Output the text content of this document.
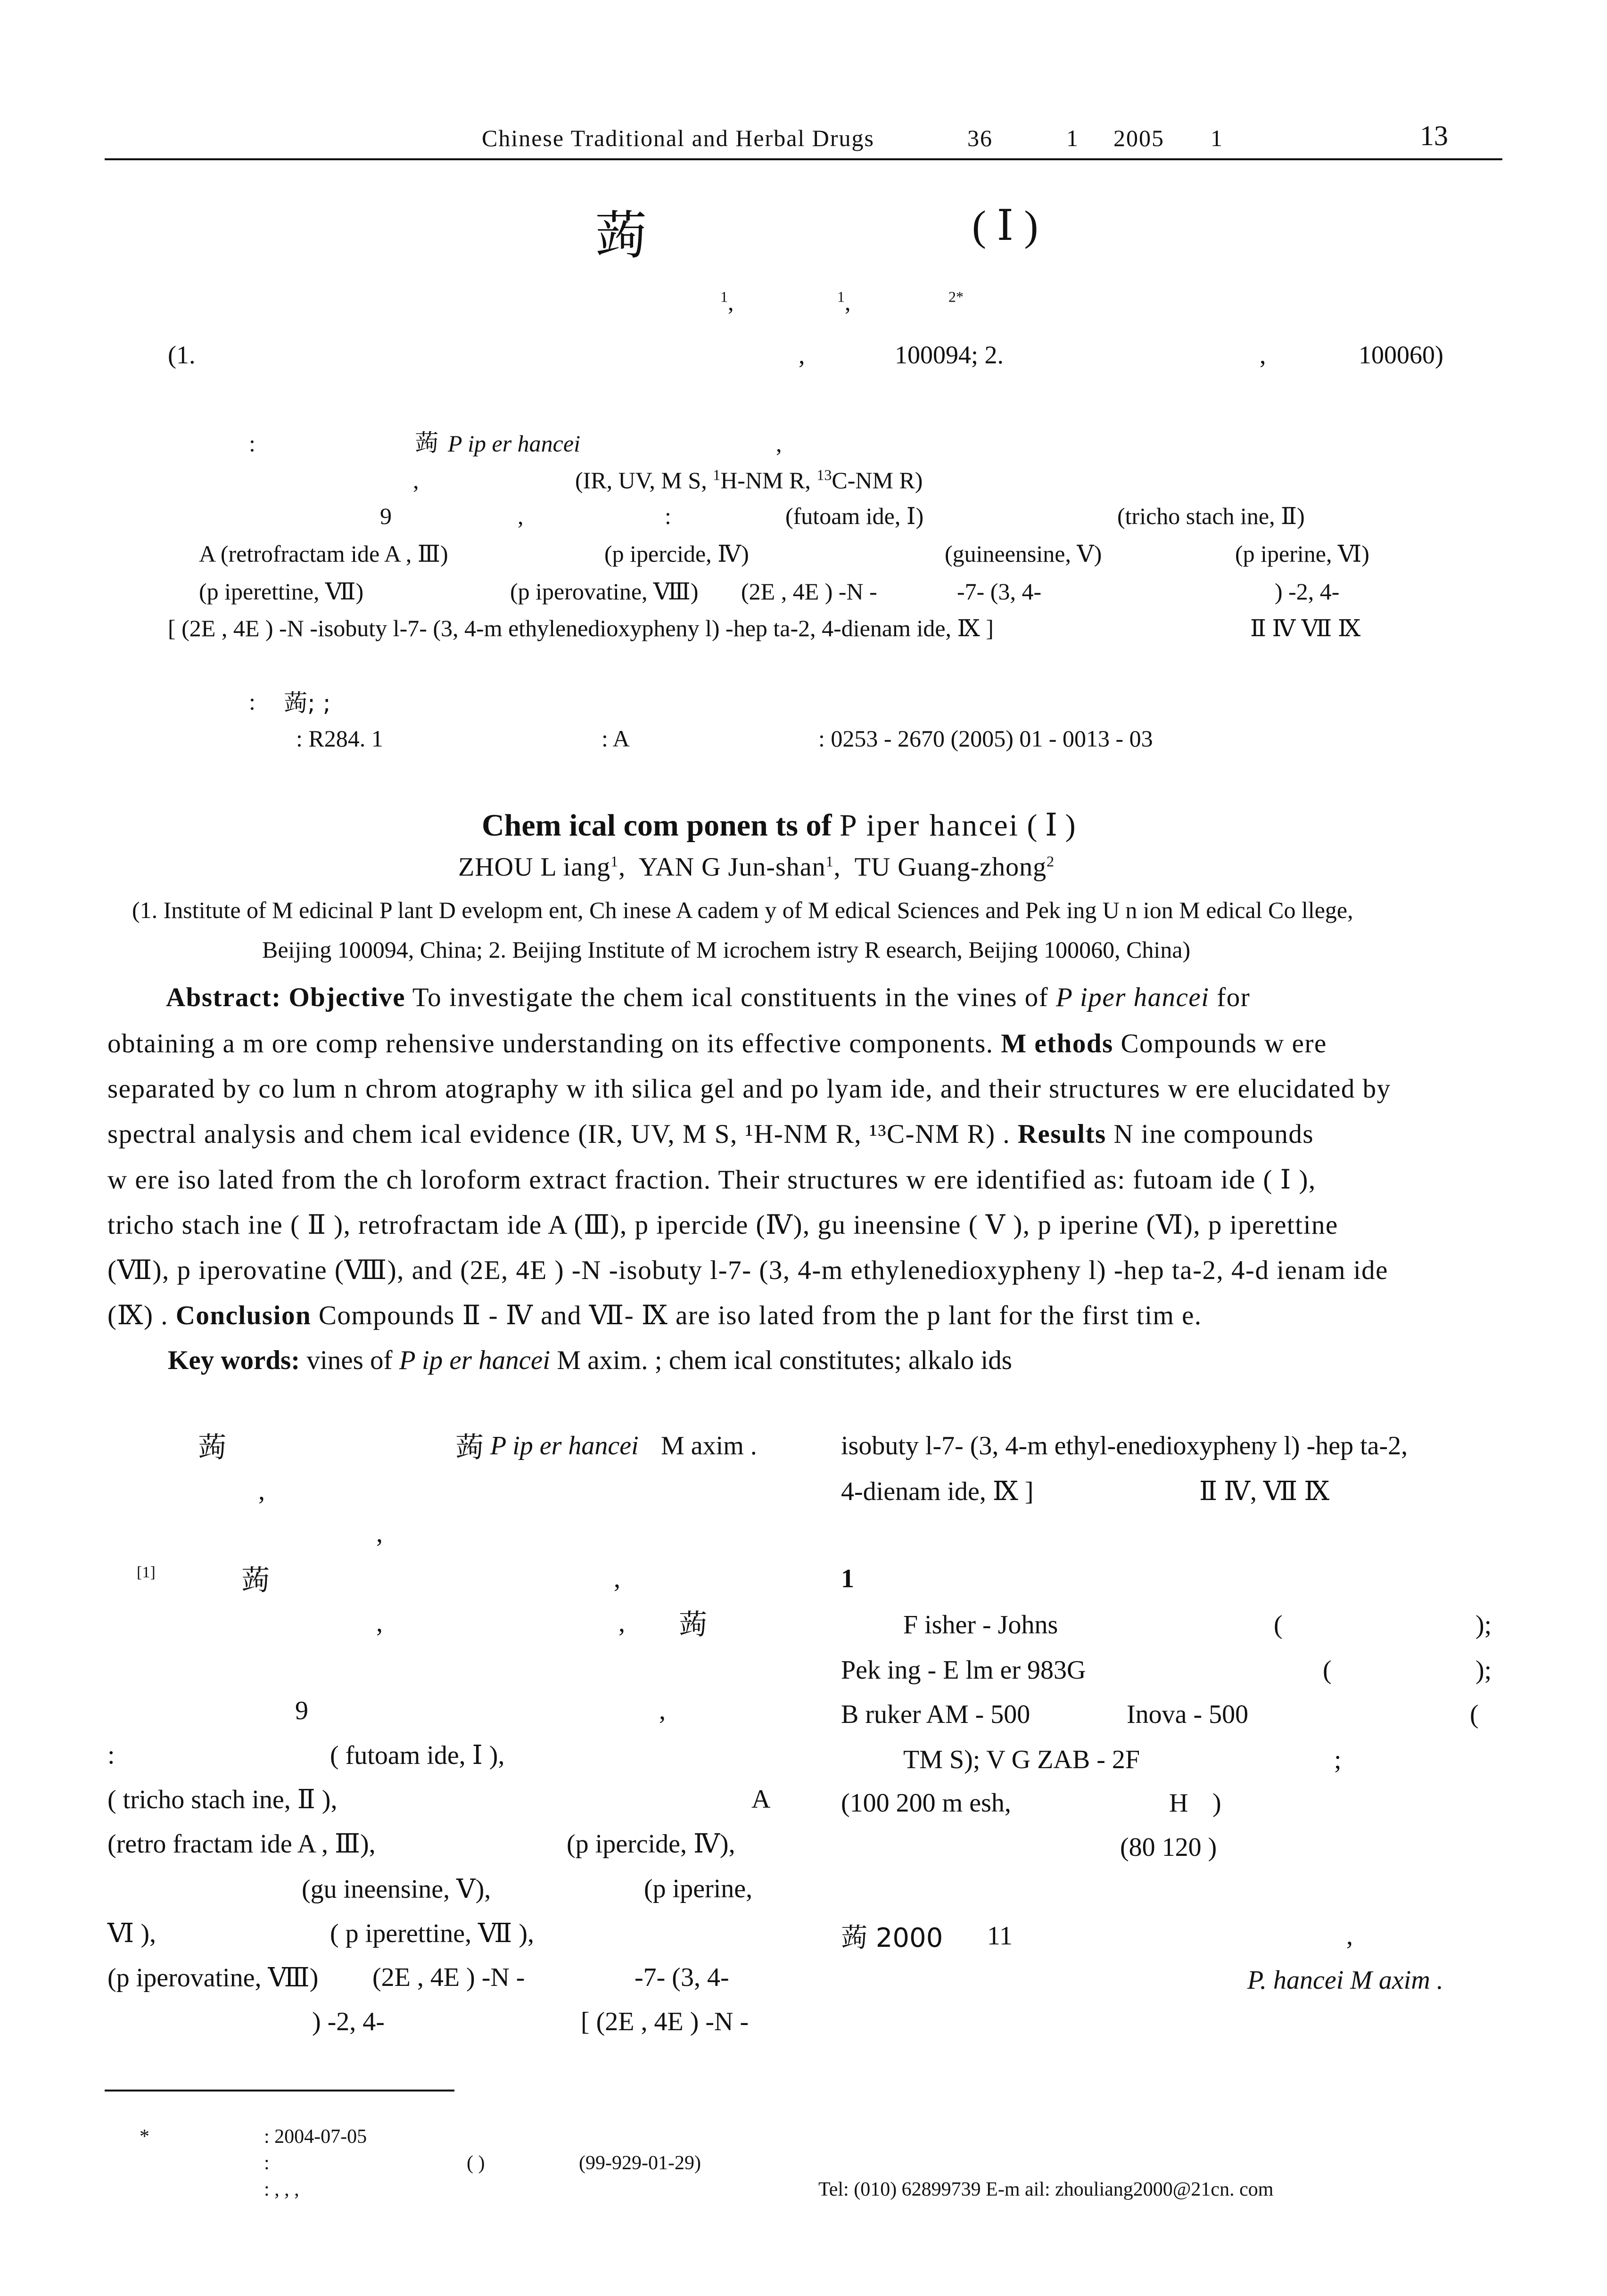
Chinese Traditional and Herbal Drugs	36	1 2005 1	13
蒟	( Ⅰ )
$^1$,	$^1$,	$^{2*}$
(1.	,	100094; 2.	,	100060)
:	蒟 P ip er hancei	,
,	(IR, UV, M S, $^1$H-NM R, $^{13}$C-NM R)
9	,	:	(futoam ide, Ⅰ)	(tricho stach ine, Ⅱ)
A (retrofractam ide A , Ⅲ)	(p ipercide, Ⅳ)	(guineensine, Ⅴ)	(p iperine, Ⅵ)
(p iperettine, Ⅶ)	(p iperovatine, Ⅷ) (2E , 4E ) -N -	-7- (3, 4-	) -2, 4-
[ (2E , 4E ) -N -isobuty l-7- (3, 4-m ethylenedioxypheny l) -hep ta-2, 4-dienam ide, Ⅸ ]	Ⅱ Ⅳ Ⅶ Ⅸ
: 蒟; ;
: R284. 1	: A	: 0253 - 2670 (2005) 01 - 0013 - 03
Chem ical com ponen ts of P iper hancei ( Ⅰ )
ZHOU L iang$^1$,  YAN G Jun-shan$^1$,  TU Guang-zhong$^2$
(1. Institute of M edicinal P lant D evelopm ent, Ch inese A cadem y of M edical Sciences and Pek ing U n ion M edical Co llege,
Beijing 100094, China; 2. Beijing Institute of M icrochem istry R esearch, Beijing 100060, China)
Abstract: Objective To investigate the chem ical constituents in the vines of P iper hancei for
obtaining a m ore comp rehensive understanding on its effective components. M ethods Compounds w ere
separated by co lum n chrom atography w ith silica gel and po lyam ide, and their structures w ere elucidated by
spectral analysis and chem ical evidence (IR, UV, M S, ¹H-NM R, ¹³C-NM R) . Results N ine compounds
w ere iso lated from the ch loroform extract fraction. Their structures w ere identified as: futoam ide ( Ⅰ ),
tricho stach ine ( Ⅱ ), retrofractam ide A (Ⅲ), p ipercide (Ⅳ), gu ineensine ( Ⅴ ), p iperine (Ⅵ), p iperettine
(Ⅶ), p iperovatine (Ⅷ), and (2E, 4E ) -N -isobuty l-7- (3, 4-m ethylenedioxypheny l) -hep ta-2, 4-d ienam ide
(Ⅸ) . Conclusion Compounds Ⅱ - Ⅳ and Ⅶ- Ⅸ are iso lated from the p lant for the first tim e.
Key words: vines of P ip er hancei M axim. ; chem ical constitutes; alkalo ids
蒟	蒟 P ip er hancei M axim .
,
,
[1]	蒟	,
,	, 蒟
9	,
:	( futoam ide, Ⅰ ),
( tricho stach ine, Ⅱ ),	A
(retro fractam ide A , Ⅲ),	(p ipercide, Ⅳ),
(gu ineensine, Ⅴ),	(p iperine,
Ⅵ ),	( p iperettine, Ⅶ ),
(p iperovatine, Ⅷ) (2E , 4E ) -N -	-7- (3, 4-
) -2, 4-	[ (2E , 4E ) -N -
isobuty l-7- (3, 4-m ethyl-enedioxypheny l) -hep ta-2,
4-dienam ide, Ⅸ ]	Ⅱ Ⅳ, Ⅶ Ⅸ
1
F isher - Johns	(	);
Pek ing - E lm er 983G	(	);
B ruker AM - 500	Inova - 500	(
TM S); V G ZAB - 2F	;
(100 200 m esh,	H )
(80 120 )
蒟 2000 11	,
P. hancei M axim .
*	: 2004-07-05
:	( )	(99-929-01-29)
: , , ,	Tel: (010) 62899739 E-m ail: zhouliang2000@21cn. com
